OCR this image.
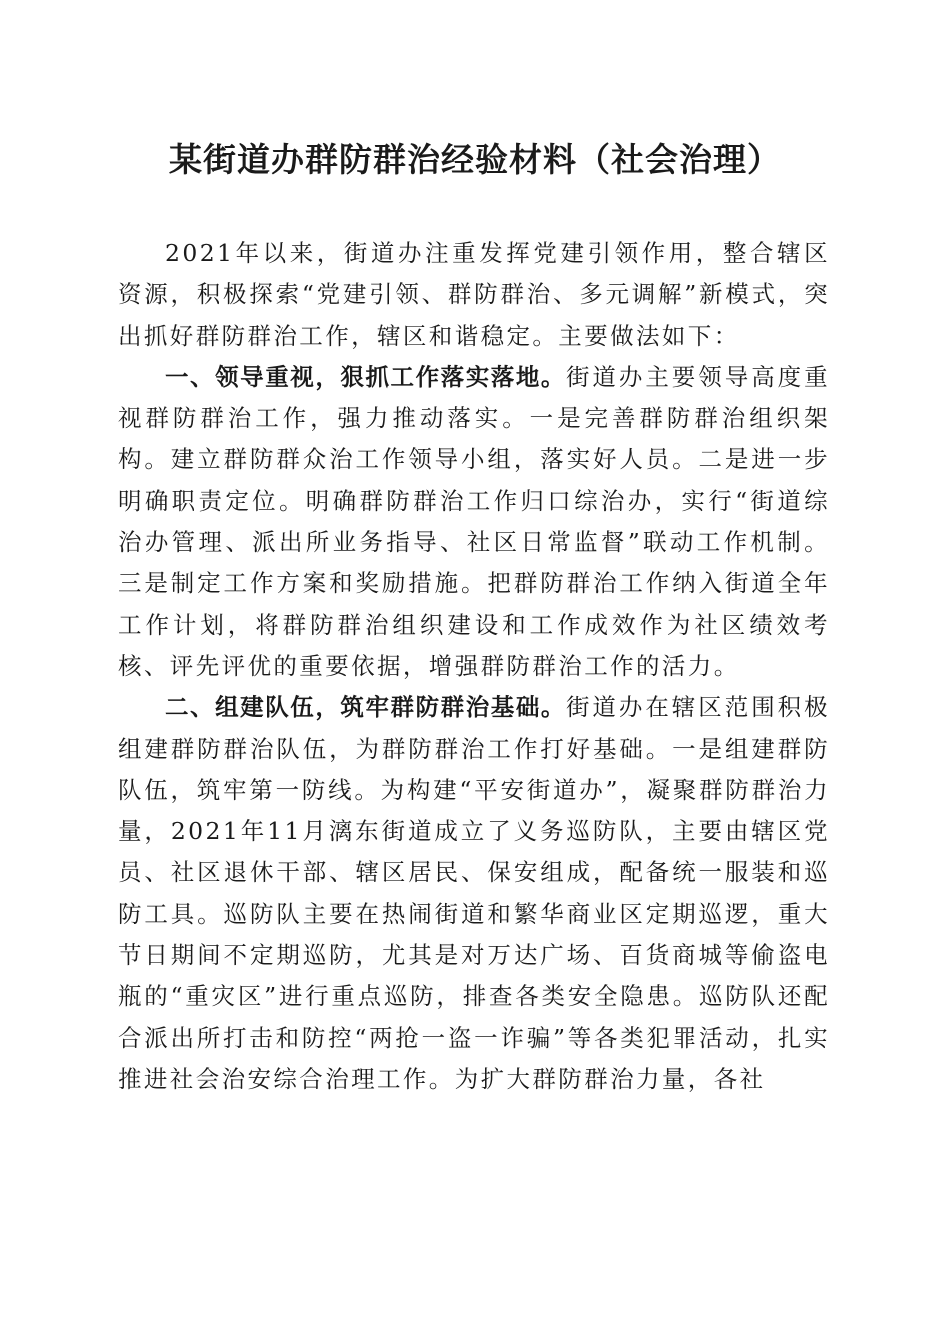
某街道办群防群治经验材料（社会治理）

2021年以来，街道办注重发挥党建引领作用，整合辖区资源，积极探索“党建引领、群防群治、多元调解”新模式，突出抓好群防群治工作，辖区和谐稳定。主要做法如下：

一、领导重视，狠抓工作落实落地。街道办主要领导高度重视群防群治工作，强力推动落实。一是完善群防群治组织架构。建立群防群众治工作领导小组，落实好人员。二是进一步明确职责定位。明确群防群治工作归口综治办，实行“街道综治办管理、派出所业务指导、社区日常监督”联动工作机制。三是制定工作方案和奖励措施。把群防群治工作纳入街道全年工作计划，将群防群治组织建设和工作成效作为社区绩效考核、评先评优的重要依据，增强群防群治工作的活力。

二、组建队伍，筑牢群防群治基础。街道办在辖区范围积极组建群防群治队伍，为群防群治工作打好基础。一是组建群防队伍，筑牢第一防线。为构建“平安街道办”，凝聚群防群治力量，2021年11月漓东街道成立了义务巡防队，主要由辖区党员、社区退休干部、辖区居民、保安组成，配备统一服装和巡防工具。巡防队主要在热闹街道和繁华商业区定期巡逻，重大节日期间不定期巡防，尤其是对万达广场、百货商城等偷盗电瓶的“重灾区”进行重点巡防，排查各类安全隐患。巡防队还配合派出所打击和防控“两抢一盗一诈骗”等各类犯罪活动，扎实推进社会治安综合治理工作。为扩大群防群治力量，各社
